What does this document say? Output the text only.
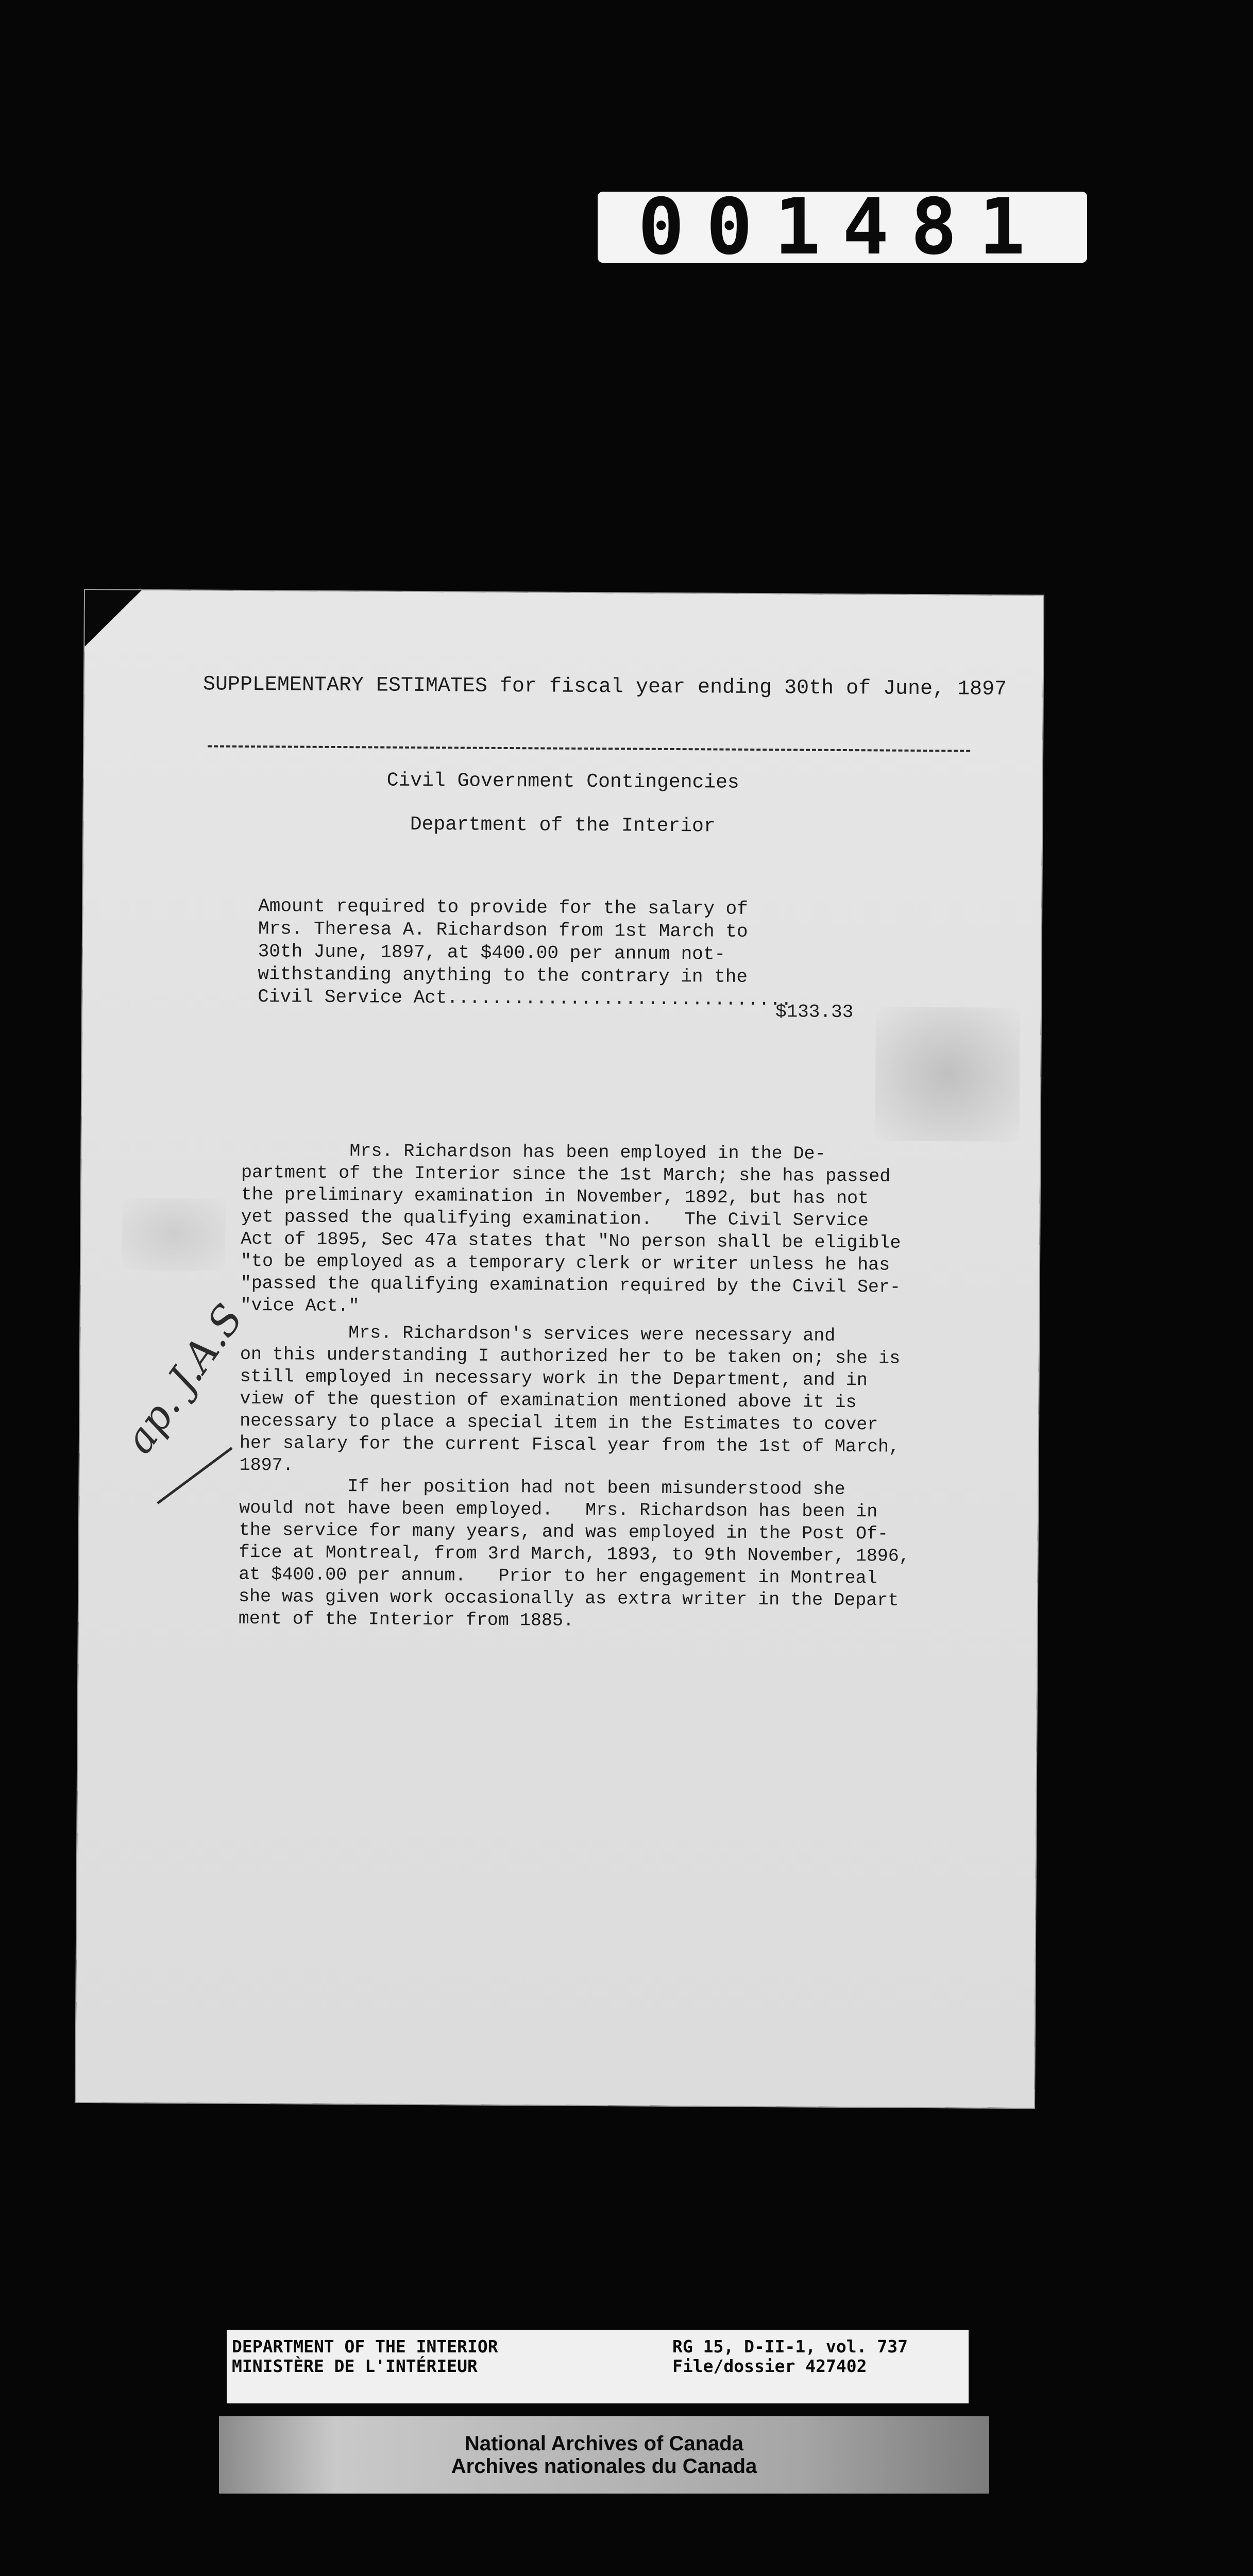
001481
SUPPLEMENTARY ESTIMATES for fiscal year ending 30th of June, 1897
Civil Government Contingencies
Department of the Interior
Amount required to provide for the salary of
Mrs. Theresa A. Richardson from 1st March to
30th June, 1897, at $400.00 per annum not-
withstanding anything to the contrary in the
Civil Service Act...............................
$133.33
Mrs. Richardson has been employed in the De-
partment of the Interior since the 1st March; she has passed
the preliminary examination in November, 1892, but has not
yet passed the qualifying examination.   The Civil Service
Act of 1895, Sec 47a states that "No person shall be eligible
"to be employed as a temporary clerk or writer unless he has
"passed the qualifying examination required by the Civil Ser-
"vice Act."
Mrs. Richardson's services were necessary and
on this understanding I authorized her to be taken on; she is
still employed in necessary work in the Department, and in
view of the question of examination mentioned above it is
necessary to place a special item in the Estimates to cover
her salary for the current Fiscal year from the 1st of March,
1897.
If her position had not been misunderstood she
would not have been employed.   Mrs. Richardson has been in
the service for many years, and was employed in the Post Of-
fice at Montreal, from 3rd March, 1893, to 9th November, 1896,
at $400.00 per annum.   Prior to her engagement in Montreal
she was given work occasionally as extra writer in the Depart
ment of the Interior from 1885.
ap. J.A.S
DEPARTMENT OF THE INTERIOR
MINISTÈRE DE L'INTÉRIEUR
RG 15, D-II-1, vol. 737
File/dossier 427402
National Archives of Canada
Archives nationales du Canada
